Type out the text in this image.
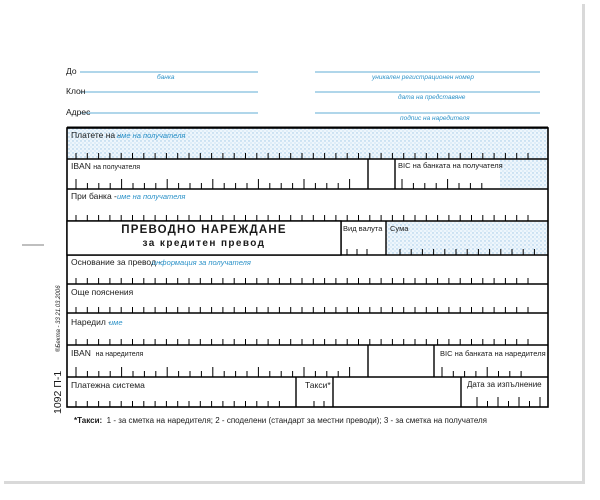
До
банка
Клон
Адрес
уникален регистрационен номер
дата на представяне
подпис на наредителя
Платете на -
име на получателя
IBAN на получателя	BIC на банката на получателя
При банка - име на получателя
ПРЕВОДНО НАРЕЖДАНЕ
за кредитен превод
Вид валута Сума
Основание за превод -
информация за получателя
Още пояснения
Наредил -
име
IBAN на наредителя	BIC на банката на наредителя
Платежна система	Такси*	Дата за изпълнение
*Такси: 1 - за сметка на наредителя; 2 - споделени (стандарт за местни преводи); 3 - за сметка на получателя
1092 П-1
®Бекта - 33 21.03.2006
